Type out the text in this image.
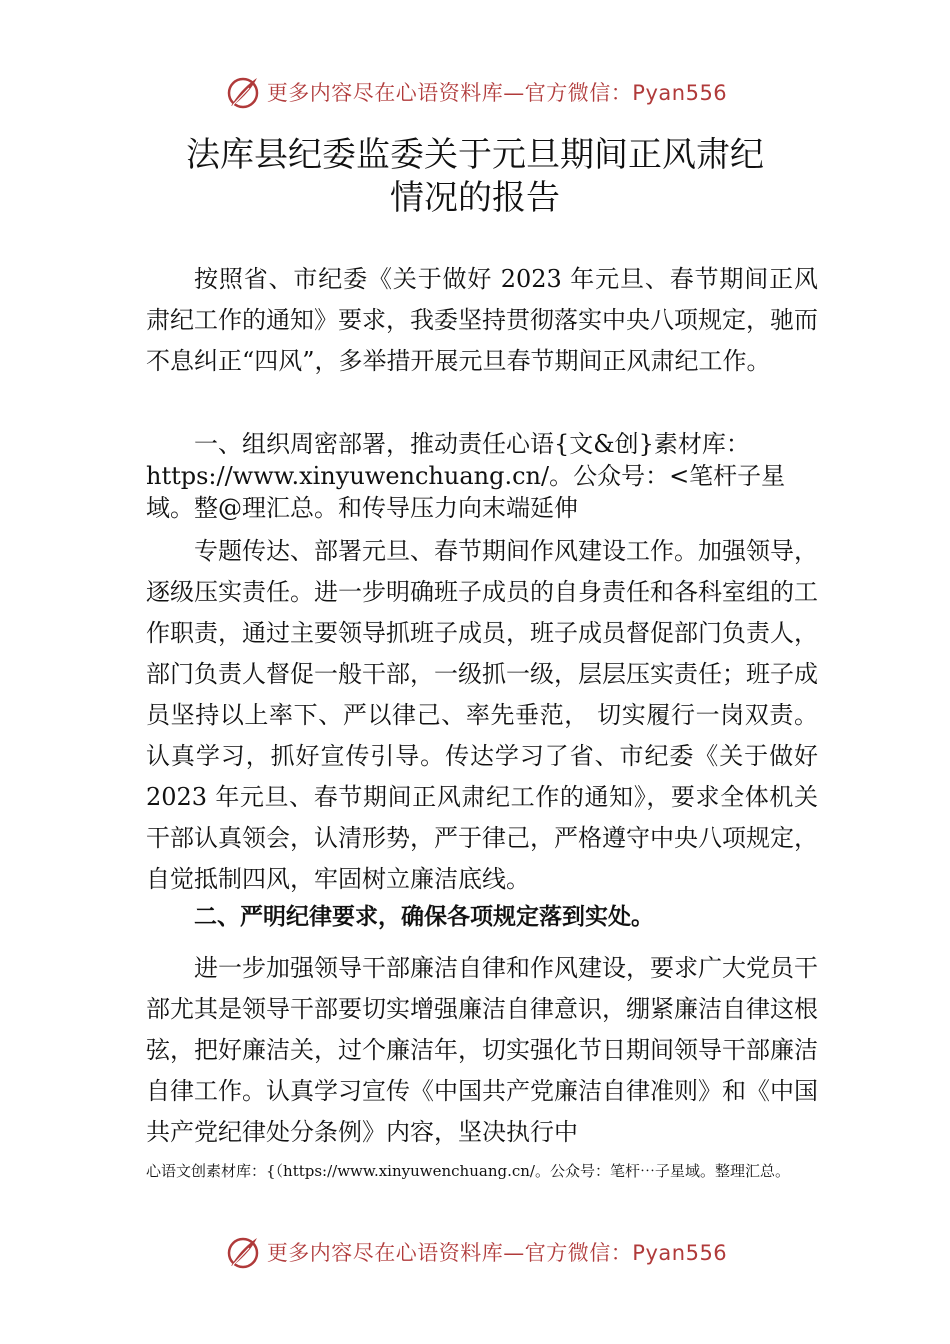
更多内容尽在心语资料库—官方微信：Pyan556
法库县纪委监委关于元旦期间正风肃纪
情况的报告

按照省、市纪委《关于做好 2023 年元旦、春节期间正风肃纪工作的通知》要求，我委坚持贯彻落实中央八项规定，驰而不息纠正“四风”，多举措开展元旦春节期间正风肃纪工作。

一、组织周密部署，推动责任心语{文&创}素材库：
https://www.xinyuwenchuang.cn/。公众号：<笔杆子星
域。整@理汇总。和传导压力向末端延伸

专题传达、部署元旦、春节期间作风建设工作。加强领导，逐级压实责任。进一步明确班子成员的自身责任和各科室组的工作职责，通过主要领导抓班子成员，班子成员督促部门负责人，部门负责人督促一般干部，一级抓一级，层层压实责任；班子成员坚持以上率下、严以律己、率先垂范， 切实履行一岗双责。认真学习，抓好宣传引导。传达学习了省、市纪委《关于做好 2023 年元旦、春节期间正风肃纪工作的通知》，要求全体机关干部认真领会，认清形势，严于律己，严格遵守中央八项规定，自觉抵制四风，牢固树立廉洁底线。

二、严明纪律要求，确保各项规定落到实处。

进一步加强领导干部廉洁自律和作风建设，要求广大党员干部尤其是领导干部要切实增强廉洁自律意识，绷紧廉洁自律这根弦，把好廉洁关，过个廉洁年，切实强化节日期间领导干部廉洁自律工作。认真学习宣传《中国共产党廉洁自律准则》和《中国共产党纪律处分条例》内容，坚决执行中

心语文创素材库：{（https://www.xinyuwenchuang.cn/。公众号：笔杆⋯子星域。整理汇总。
更多内容尽在心语资料库—官方微信：Pyan556
